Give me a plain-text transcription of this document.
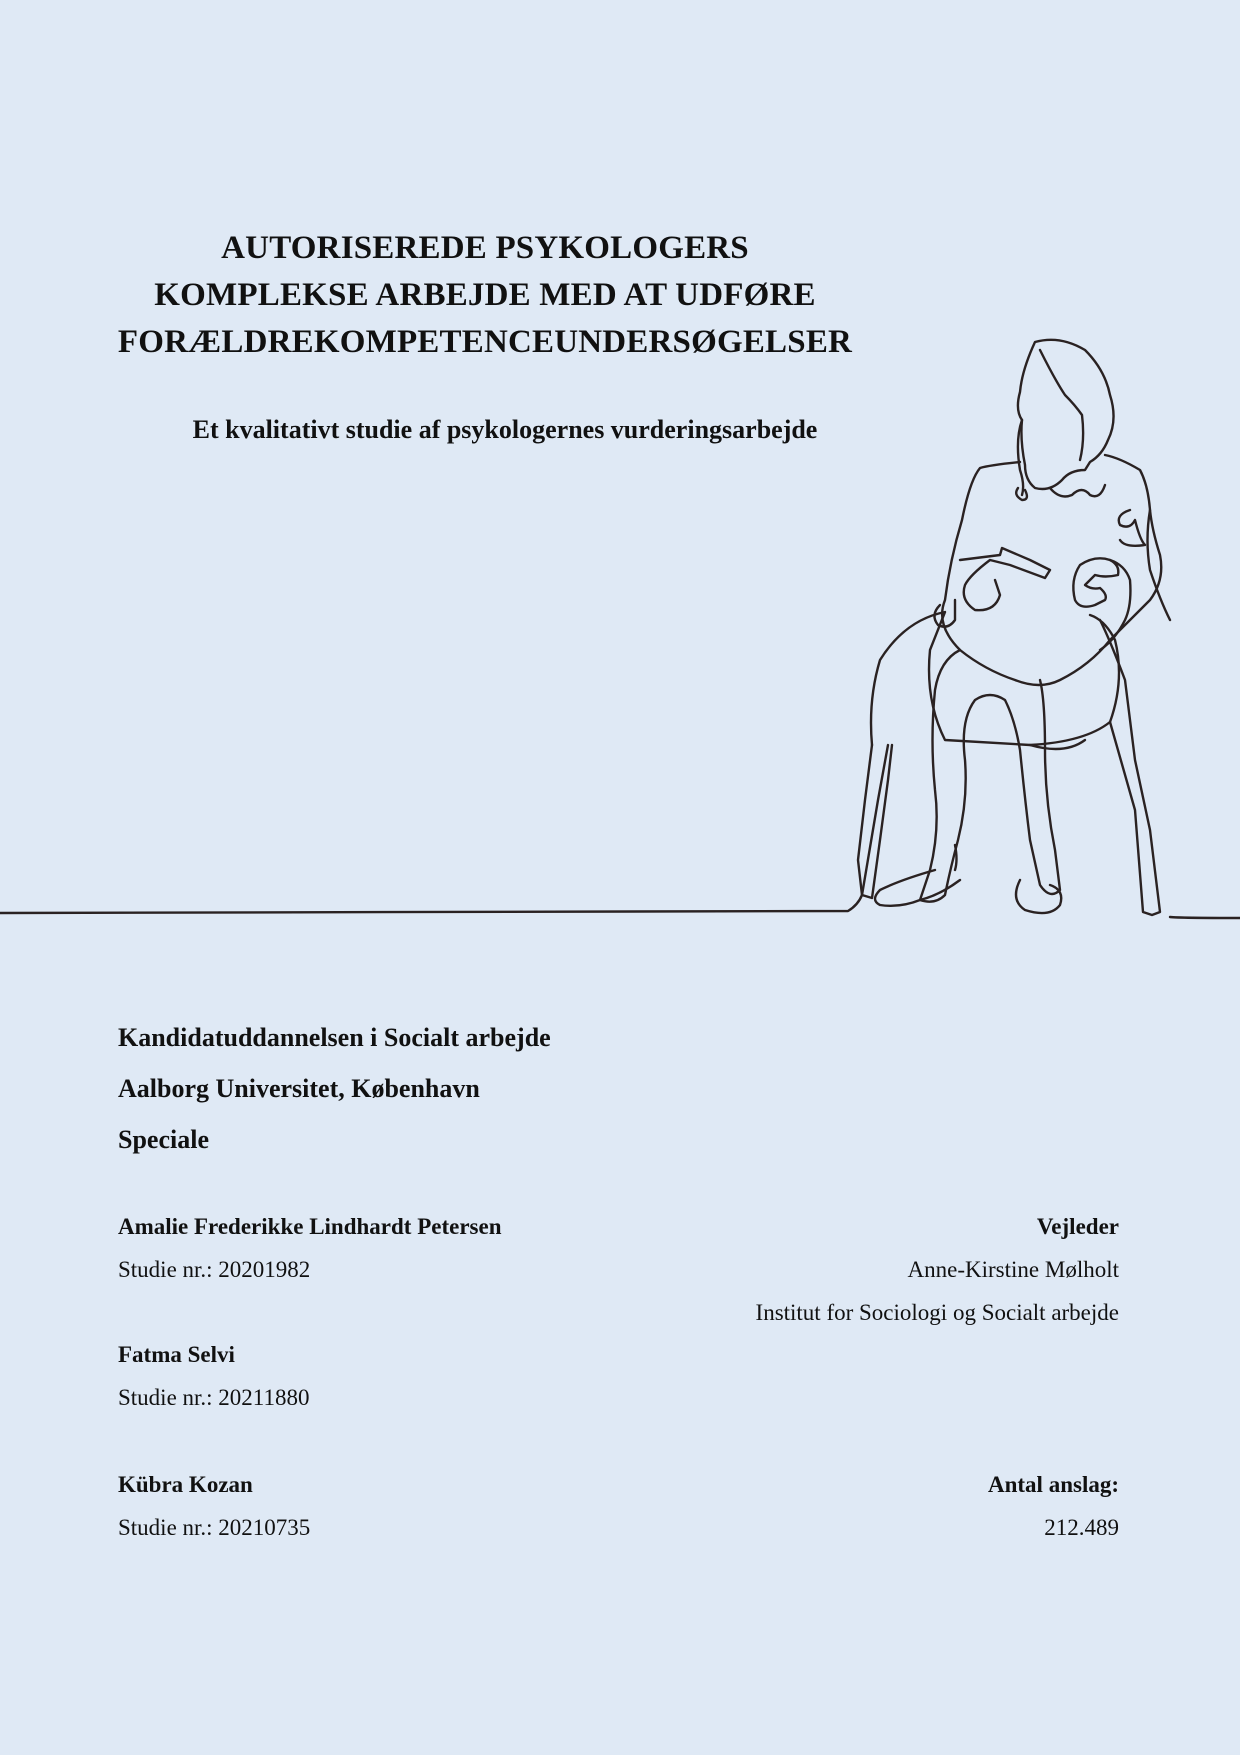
AUTORISEREDE PSYKOLOGERS
KOMPLEKSE ARBEJDE MED AT UDFØRE
FORÆLDREKOMPETENCEUNDERSØGELSER
Et kvalitativt studie af psykologernes vurderingsarbejde
Kandidatuddannelsen i Socialt arbejde
Aalborg Universitet, København
Speciale
Amalie Frederikke Lindhardt Petersen
Studie nr.: 20201982
Fatma Selvi
Studie nr.: 20211880
Kübra Kozan
Studie nr.: 20210735
Vejleder
Anne-Kirstine Mølholt
Institut for Sociologi og Socialt arbejde
Antal anslag:
212.489
